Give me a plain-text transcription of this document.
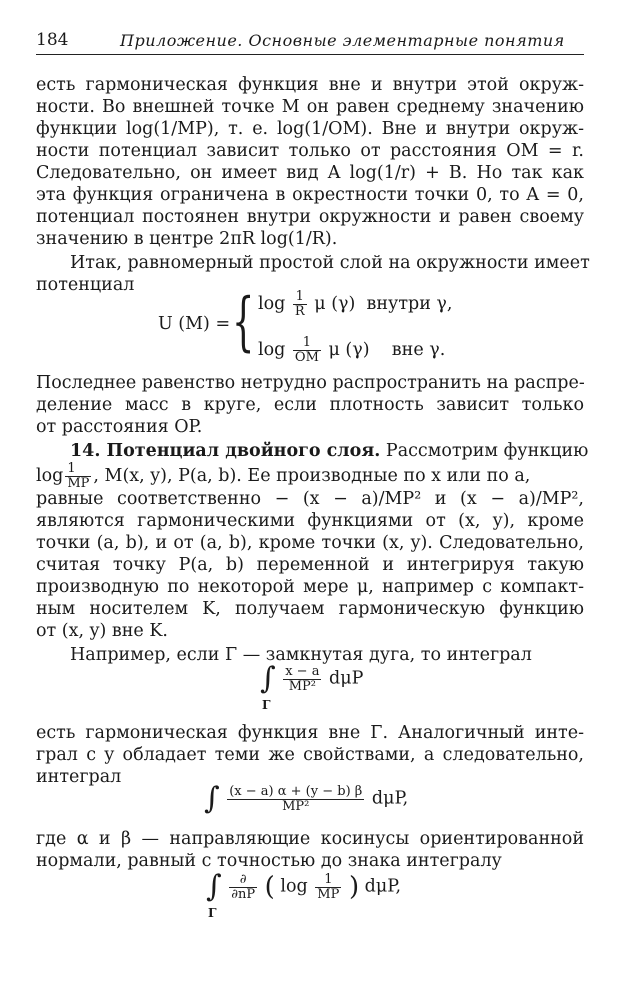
184	Приложение. Основные элементарные понятия
есть гармоническая функция вне и внутри этой окруж-
ности. Во внешней точке M он равен среднему значению
функции log(1/MP), т. е. log(1/OM). Вне и внутри окруж-
ности потенциал зависит только от расстояния OM = r.
Следовательно, он имеет вид A log(1/r) + B. Но так как
эта функция ограничена в окрестности точки 0, то A = 0,
потенциал постоянен внутри окружности и равен своему
значению в центре 2πR log(1/R).
Итак, равномерный простой слой на окружности имеет
потенциал
U (M) = { $\log \frac{1}{R}$ μ (γ) внутри γ,
$\log \frac{1}{OM}$ μ (γ) вне γ.
Последнее равенство нетрудно распространить на распре-
деление масс в круге, если плотность зависит только
от расстояния OP.
14. Потенциал двойного слоя. Рассмотрим функцию
$\log \frac{1}{MP}$ , M(x, y), P(a, b). Ее производные по x или по a,
равные соответственно − (x − a)/MP² и (x − a)/MP²,
являются гармоническими функциями от (x, y), кроме
точки (a, b), и от (a, b), кроме точки (x, y). Следовательно,
считая точку P(a, b) переменной и интегрируя такую
производную по некоторой мере μ, например с компакт-
ным носителем K, получаем гармоническую функцию
от (x, y) вне K.
Например, если Γ — замкнутая дуга, то интеграл
∫ $\frac{x - a}{\text{MP²}}$ dμP
Γ
есть гармоническая функция вне Γ. Аналогичный инте-
грал с y обладает теми же свойствами, а следовательно,
интеграл
∫ $\frac{(x - a) \alpha + (y - b) \beta}{\text{MP²}} d\mu P$,
где α и β — направляющие косинусы ориентированной
нормали, равный с точностью до знака интегралу
∫ $\frac{\partial}{\partial nP}$ ( $\log \frac{1}{MP}$ ) dμP,
Γ
